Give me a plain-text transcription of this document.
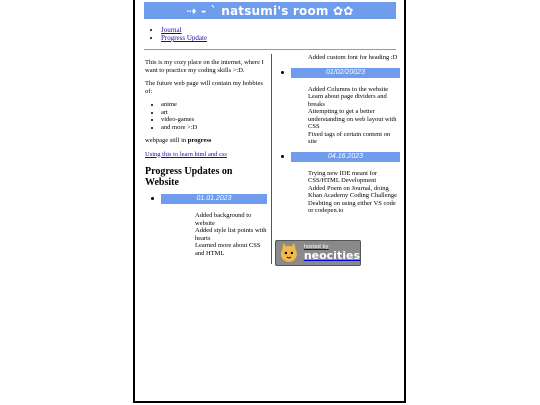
⇢ - ` natsumi's room ✿✿
• Journal
• Progress Update

This is my cozy place on the internet, where I want to practice my coding skills >:D.

The future web page will contain my hobbies of:

• anime
• art
• video-games
• and more >:D

webpage still in progress

Using this to learn html and css

Progress Updates on Website
01.01.2023
Added background to website
Added style list points with hearts
Learned more about CSS and HTML
Added custom font for heading :D
01/02/20023
Added Columns to the website
Learn about page dividers and breaks
Attempting to get a better understanding on web layout with CSS
Fixed tags of certain content on site
04.16.2023
Trying new IDE meant for CSS/HTML Development
Added Poem on Journal, doing Khan Academy Coding Challenge
Deabting on using either VS code or codepen.io
hosted by
neocities
